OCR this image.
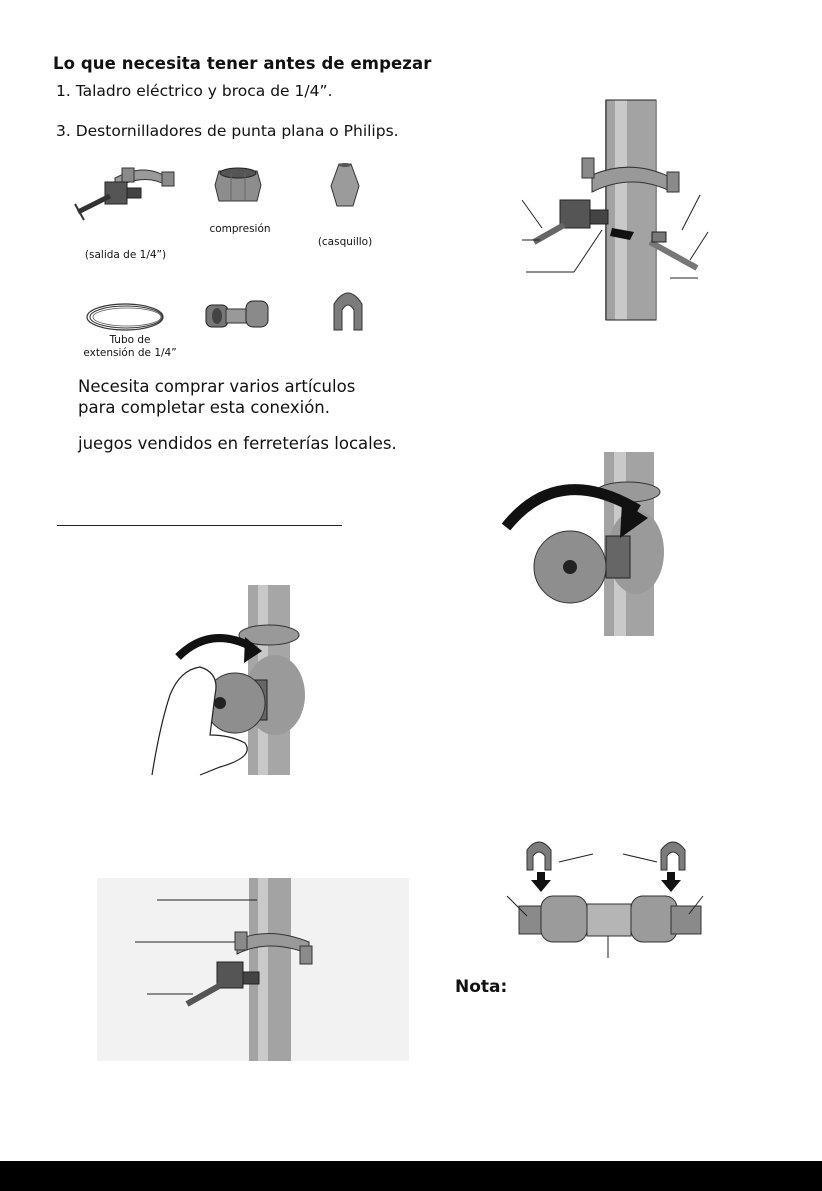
Lo que necesita tener antes de empezar
1. Taladro eléctrico y broca de 1/4”.
3. Destornilladores de punta plana o Philips.
(salida de 1/4”)
compresión
(casquillo)
Tubo de
extensión de 1/4”
Necesita comprar varios artículos
para completar esta conexión.
juegos vendidos en ferreterías locales.
Nota:
